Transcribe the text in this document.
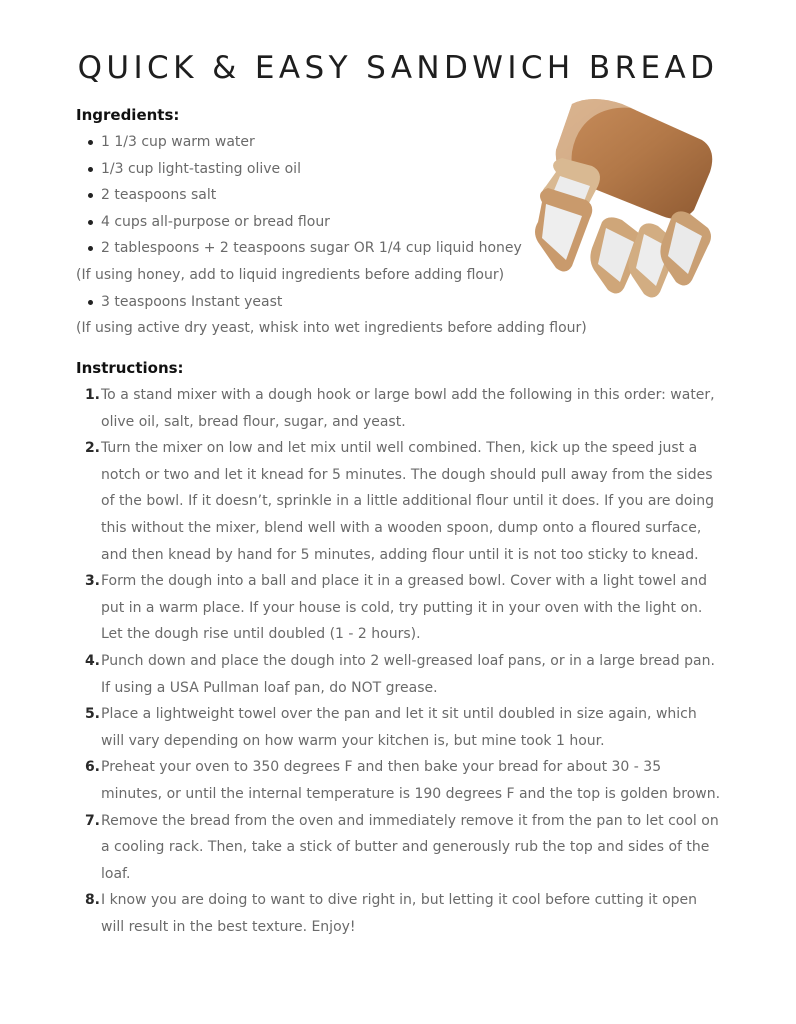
QUICK & EASY SANDWICH BREAD
Ingredients:
1 1/3 cup warm water
1/3 cup light-tasting olive oil
2 teaspoons salt
4 cups all-purpose or bread flour
2 tablespoons + 2 teaspoons sugar OR 1/4 cup liquid honey
(If using honey, add to liquid ingredients before adding flour)
3 teaspoons Instant yeast
(If using active dry yeast, whisk into wet ingredients before adding flour)
Instructions:
1. To a stand mixer with a dough hook or large bowl add the following in this order: water, olive oil, salt, bread flour, sugar, and yeast.
2. Turn the mixer on low and let mix until well combined. Then, kick up the speed just a notch or two and let it knead for 5 minutes. The dough should pull away from the sides of the bowl. If it doesn’t, sprinkle in a little additional flour until it does. If you are doing this without the mixer, blend well with a wooden spoon, dump onto a floured surface, and then knead by hand for 5 minutes, adding flour until it is not too sticky to knead.
3. Form the dough into a ball and place it in a greased bowl. Cover with a light towel and put in a warm place. If your house is cold, try putting it in your oven with the light on. Let the dough rise until doubled (1 - 2 hours).
4. Punch down and place the dough into 2 well-greased loaf pans, or in a large bread pan. If using a USA Pullman loaf pan, do NOT grease.
5. Place a lightweight towel over the pan and let it sit until doubled in size again, which will vary depending on how warm your kitchen is, but mine took 1 hour.
6. Preheat your oven to 350 degrees F and then bake your bread for about 30 - 35 minutes, or until the internal temperature is 190 degrees F and the top is golden brown.
7. Remove the bread from the oven and immediately remove it from the pan to let cool on a cooling rack. Then, take a stick of butter and generously rub the top and sides of the loaf.
8. I know you are doing to want to dive right in, but letting it cool before cutting it open will result in the best texture. Enjoy!
